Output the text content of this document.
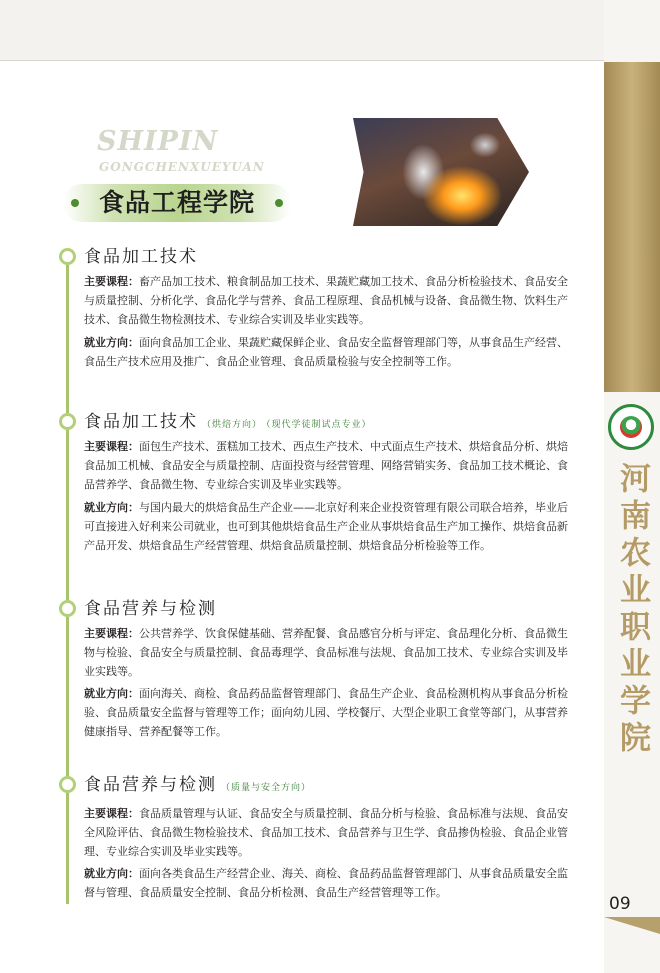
河南农业职业学院
09
SHIPIN
GONGCHENXUEYUAN
食品工程学院
食品加工技术
主要课程：畜产品加工技术、粮食制品加工技术、果蔬贮藏加工技术、食品分析检验技术、食品安全与质量控制、分析化学、食品化学与营养、食品工程原理、食品机械与设备、食品微生物、饮料生产技术、食品微生物检测技术、专业综合实训及毕业实践等。
就业方向：面向食品加工企业、果蔬贮藏保鲜企业、食品安全监督管理部门等，从事食品生产经营、食品生产技术应用及推广、食品企业管理、食品质量检验与安全控制等工作。
食品加工技术 （烘焙方向） （现代学徒制试点专业）
主要课程：面包生产技术、蛋糕加工技术、西点生产技术、中式面点生产技术、烘焙食品分析、烘焙食品加工机械、食品安全与质量控制、店面投资与经营管理、网络营销实务、食品加工技术概论、食品营养学、食品微生物、专业综合实训及毕业实践等。
就业方向：与国内最大的烘焙食品生产企业——北京好利来企业投资管理有限公司联合培养，毕业后可直接进入好利来公司就业，也可到其他烘焙食品生产企业从事烘焙食品生产加工操作、烘焙食品新产品开发、烘焙食品生产经营管理、烘焙食品质量控制、烘焙食品分析检验等工作。
食品营养与检测
主要课程：公共营养学、饮食保健基础、营养配餐、食品感官分析与评定、食品理化分析、食品微生物与检验、食品安全与质量控制、食品毒理学、食品标准与法规、食品加工技术、专业综合实训及毕业实践等。
就业方向：面向海关、商检、食品药品监督管理部门、食品生产企业、食品检测机构从事食品分析检验、食品质量安全监督与管理等工作；面向幼儿园、学校餐厅、大型企业职工食堂等部门，从事营养健康指导、营养配餐等工作。
食品营养与检测 （质量与安全方向）
主要课程：食品质量管理与认证、食品安全与质量控制、食品分析与检验、食品标准与法规、食品安全风险评估、食品微生物检验技术、食品加工技术、食品营养与卫生学、食品掺伪检验、食品企业管理、专业综合实训及毕业实践等。
就业方向：面向各类食品生产经营企业、海关、商检、食品药品监督管理部门、从事食品质量安全监督与管理、食品质量安全控制、食品分析检测、食品生产经营管理等工作。
